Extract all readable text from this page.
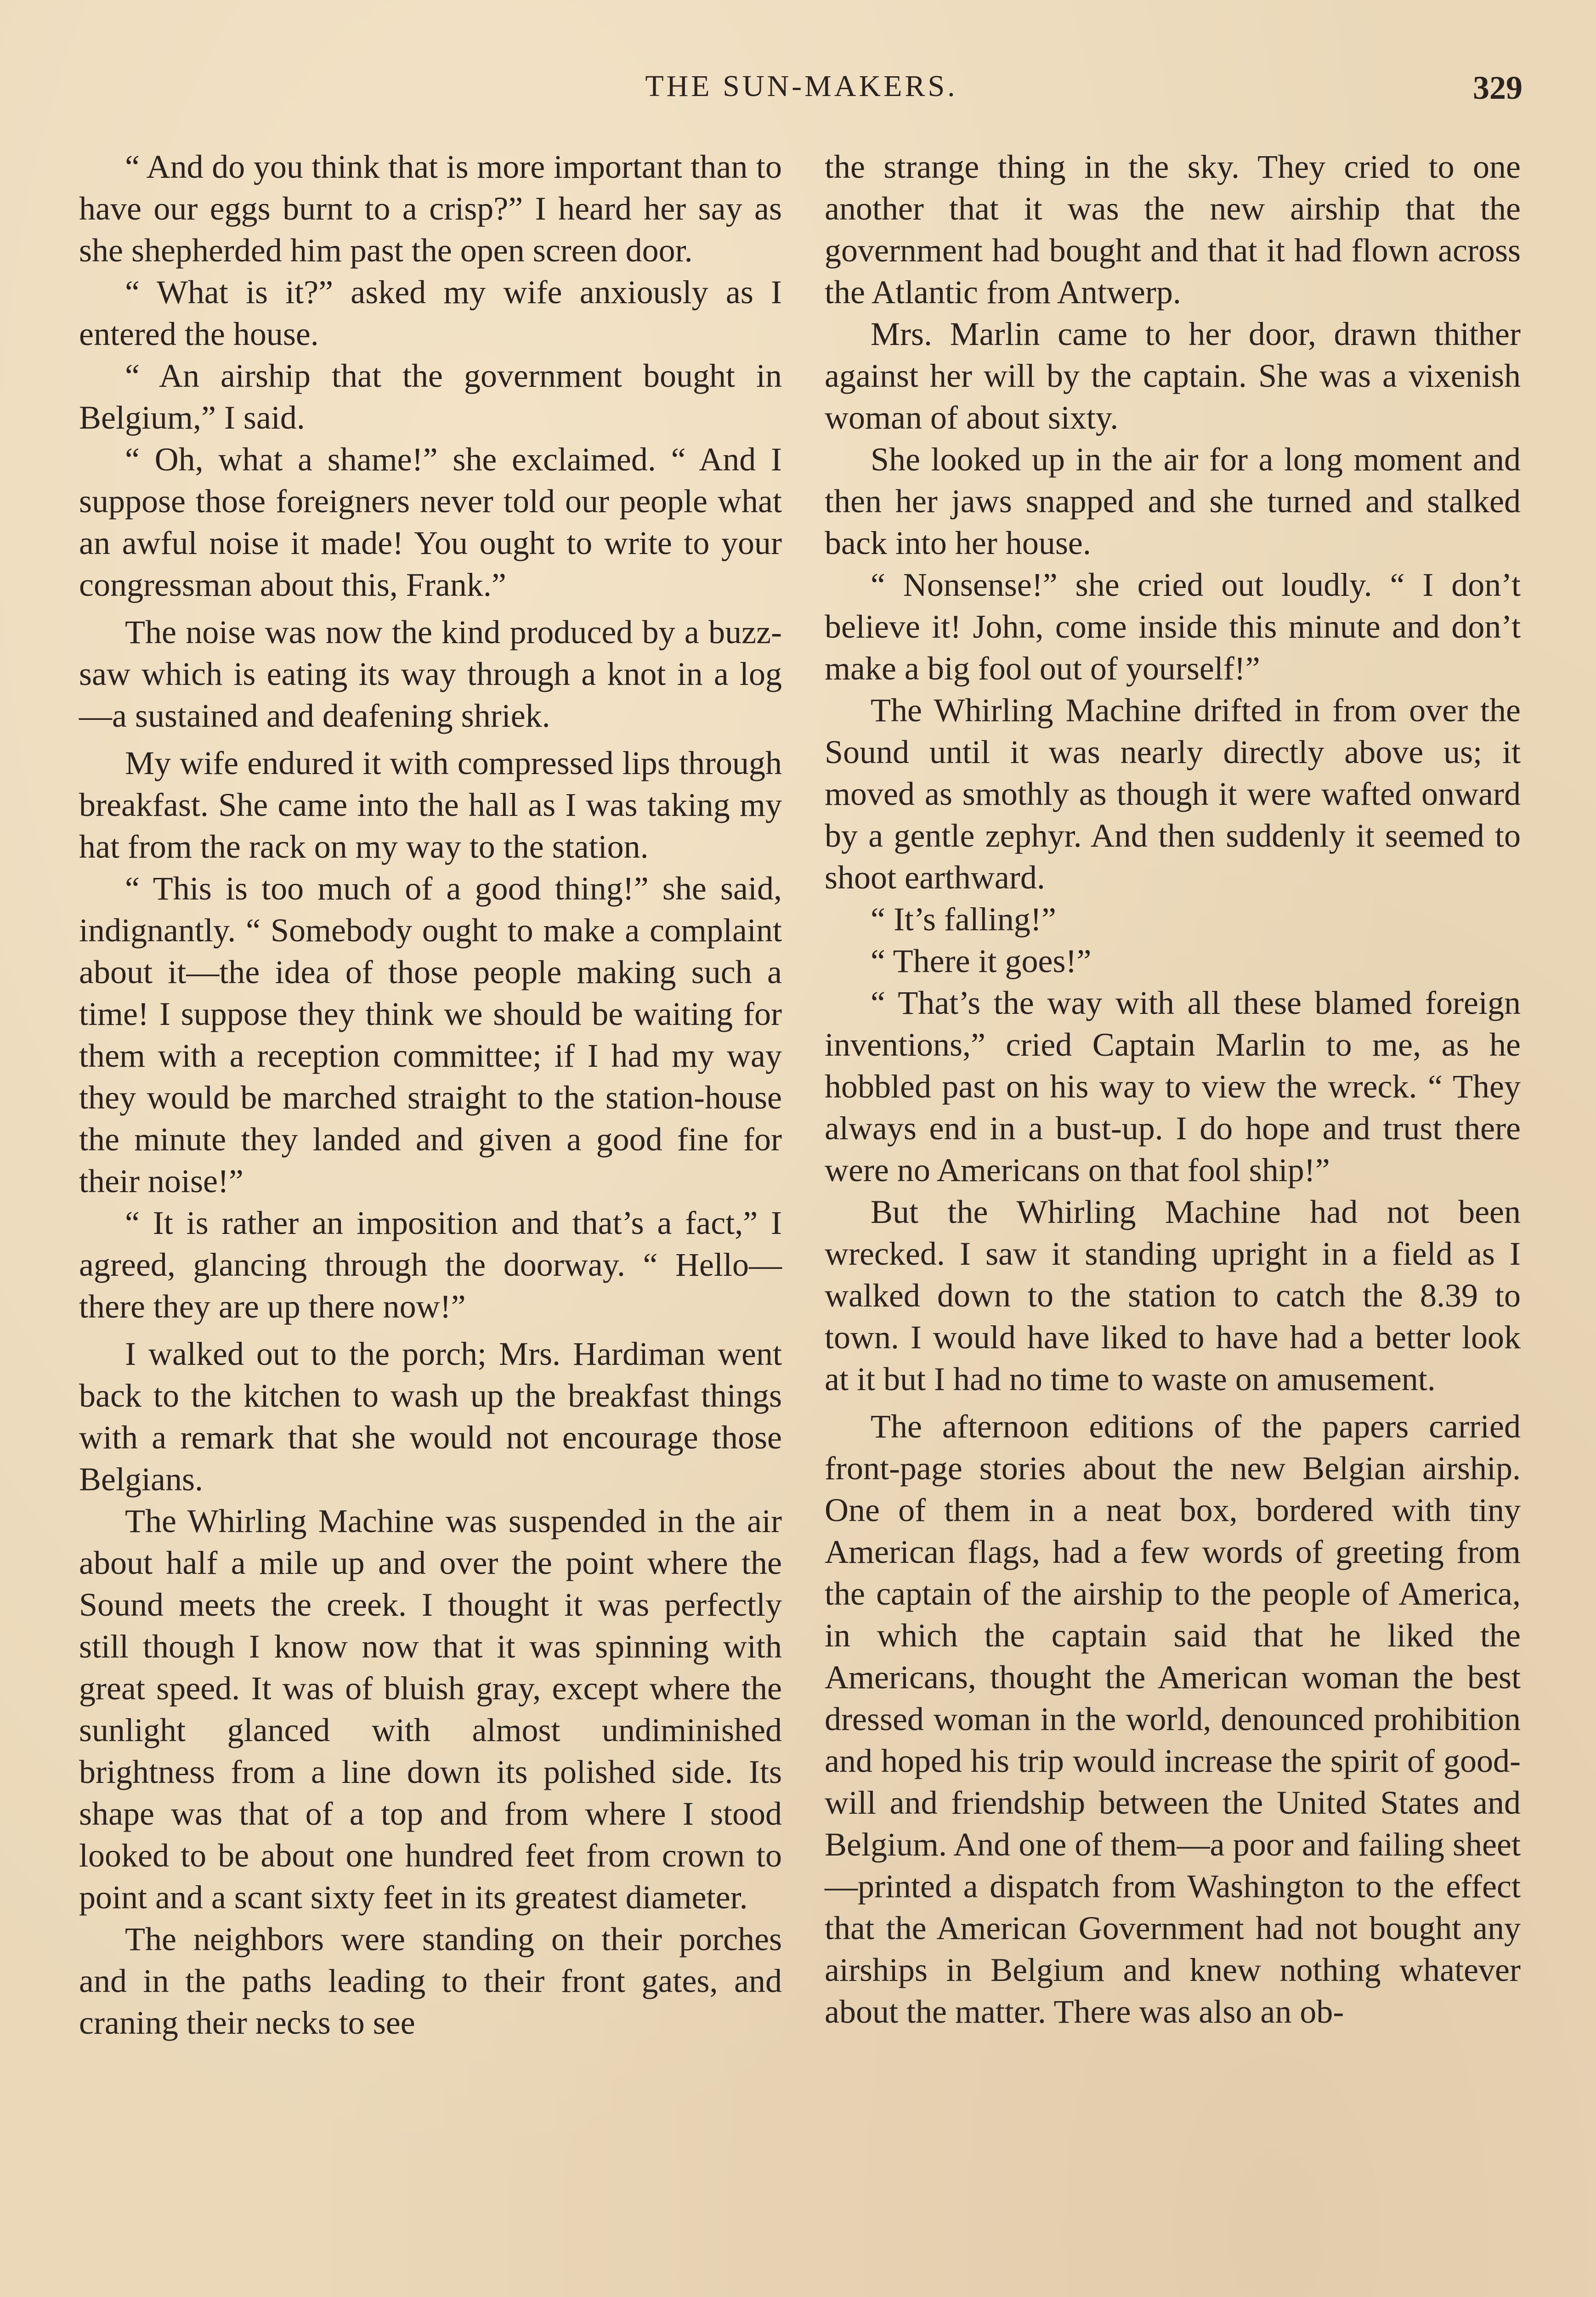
THE SUN-MAKERS.	329

“ And do you think that is more important than to have our eggs burnt to a crisp?” I heard her say as she shepherded him past the open screen door.

“ What is it?” asked my wife anxiously as I entered the house.

“ An airship that the government bought in Belgium,” I said.

“ Oh, what a shame!” she exclaimed. “ And I suppose those foreigners never told our people what an awful noise it made! You ought to write to your congressman about this, Frank.”

The noise was now the kind produced by a buzz-saw which is eating its way through a knot in a log—a sustained and deafening shriek.

My wife endured it with compressed lips through breakfast. She came into the hall as I was taking my hat from the rack on my way to the station.

“ This is too much of a good thing!” she said, indignantly. “ Somebody ought to make a complaint about it—the idea of those people making such a time! I suppose they think we should be waiting for them with a reception committee; if I had my way they would be marched straight to the station-house the minute they landed and given a good fine for their noise!”

“ It is rather an imposition and that’s a fact,” I agreed, glancing through the doorway. “ Hello—there they are up there now!”

I walked out to the porch; Mrs. Hardiman went back to the kitchen to wash up the breakfast things with a remark that she would not encourage those Belgians.

The Whirling Machine was suspended in the air about half a mile up and over the point where the Sound meets the creek. I thought it was perfectly still though I know now that it was spinning with great speed. It was of bluish gray, except where the sunlight glanced with almost undiminished brightness from a line down its polished side. Its shape was that of a top and from where I stood looked to be about one hundred feet from crown to point and a scant sixty feet in its greatest diameter.

The neighbors were standing on their porches and in the paths leading to their front gates, and craning their necks to see

the strange thing in the sky. They cried to one another that it was the new airship that the government had bought and that it had flown across the Atlantic from Antwerp.

Mrs. Marlin came to her door, drawn thither against her will by the captain. She was a vixenish woman of about sixty.

She looked up in the air for a long moment and then her jaws snapped and she turned and stalked back into her house.

“ Nonsense!” she cried out loudly. “ I don’t believe it! John, come inside this minute and don’t make a big fool out of yourself!”

The Whirling Machine drifted in from over the Sound until it was nearly directly above us; it moved as smothly as though it were wafted onward by a gentle zephyr. And then suddenly it seemed to shoot earthward.

“ It’s falling!”

“ There it goes!”

“ That’s the way with all these blamed foreign inventions,” cried Captain Marlin to me, as he hobbled past on his way to view the wreck. “ They always end in a bust-up. I do hope and trust there were no Americans on that fool ship!”

But the Whirling Machine had not been wrecked. I saw it standing upright in a field as I walked down to the station to catch the 8.39 to town. I would have liked to have had a better look at it but I had no time to waste on amusement.

The afternoon editions of the papers carried front-page stories about the new Belgian airship. One of them in a neat box, bordered with tiny American flags, had a few words of greeting from the captain of the airship to the people of America, in which the captain said that he liked the Americans, thought the American woman the best dressed woman in the world, denounced prohibition and hoped his trip would increase the spirit of good-will and friendship between the United States and Belgium. And one of them—a poor and failing sheet—printed a dispatch from Washington to the effect that the American Government had not bought any airships in Belgium and knew nothing whatever about the matter. There was also an ob-
